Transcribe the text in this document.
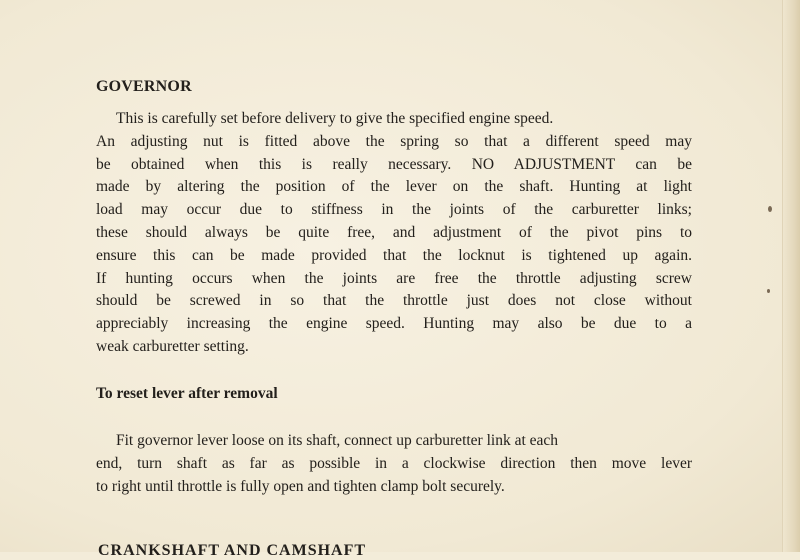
GOVERNOR

This is carefully set before delivery to give the specified engine speed.
An adjusting nut is fitted above the spring so that a different speed may
be obtained when this is really necessary. NO ADJUSTMENT can be
made by altering the position of the lever on the shaft. Hunting at light
load may occur due to stiffness in the joints of the carburetter links;
these should always be quite free, and adjustment of the pivot pins to
ensure this can be made provided that the locknut is tightened up again.
If hunting occurs when the joints are free the throttle adjusting screw
should be screwed in so that the throttle just does not close without
appreciably increasing the engine speed. Hunting may also be due to a
weak carburetter setting.

To reset lever after removal

Fit governor lever loose on its shaft, connect up carburetter link at each
end, turn shaft as far as possible in a clockwise direction then move lever
to right until throttle is fully open and tighten clamp bolt securely.

CRANKSHAFT AND CAMSHAFT
